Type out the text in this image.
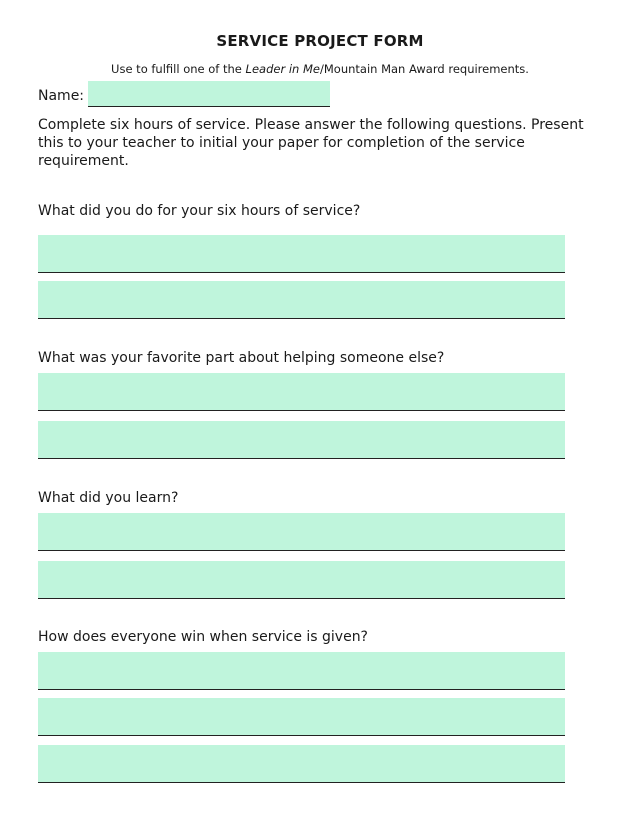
SERVICE PROJECT FORM
Use to fulfill one of the Leader in Me/Mountain Man Award requirements.
Name:
Complete six hours of service. Please answer the following questions. Present this to your teacher to initial your paper for completion of the service requirement.
What did you do for your six hours of service?
What was your favorite part about helping someone else?
What did you learn?
How does everyone win when service is given?
